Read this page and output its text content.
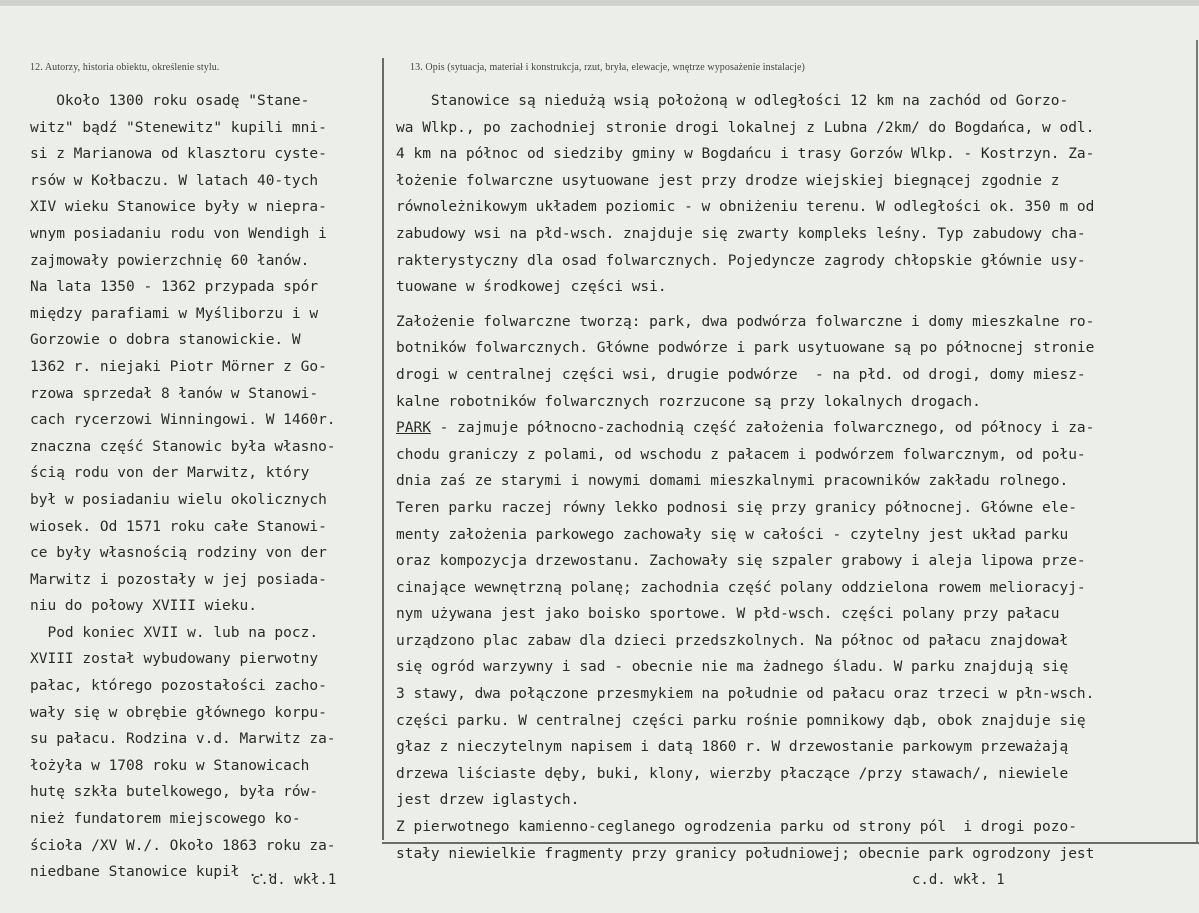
12. Autorzy, historia obiektu, określenie stylu.	13. Opis (sytuacja, materiał i konstrukcja, rzut, bryła, elewacje, wnętrze wyposażenie instalacje)
Około 1300 roku osadę "Stane-
witz" bądź "Stenewitz" kupili mni-
si z Marianowa od klasztoru cyste-
rsów w Kołbaczu. W latach 40-tych
XIV wieku Stanowice były w niepra-
wnym posiadaniu rodu von Wendigh i
zajmowały powierzchnię 60 łanów.
Na lata 1350 - 1362 przypada spór
między parafiami w Myśliborzu i w
Gorzowie o dobra stanowickie. W
1362 r. niejaki Piotr Mörner z Go-
rzowa sprzedał 8 łanów w Stanowi-
cach rycerzowi Winningowi. W 1460r.
znaczna część Stanowic była własno-
ścią rodu von der Marwitz, który
był w posiadaniu wielu okolicznych
wiosek. Od 1571 roku całe Stanowi-
ce były własnością rodziny von der
Marwitz i pozostały w jej posiada-
niu do połowy XVIII wieku.
Pod koniec XVII w. lub na pocz.
XVIII został wybudowany pierwotny
pałac, którego pozostałości zacho-
wały się w obrębie głównego korpu-
su pałacu. Rodzina v.d. Marwitz za-
łożyła w 1708 roku w Stanowicach
hutę szkła butelkowego, była rów-
nież fundatorem miejscowego ko-
ścioła /XV W./. Około 1863 roku za-
niedbane Stanowice kupił ...
Stanowice są niedużą wsią położoną w odległości 12 km na zachód od Gorzo-
wa Wlkp., po zachodniej stronie drogi lokalnej z Lubna /2km/ do Bogdańca, w odl.
4 km na północ od siedziby gminy w Bogdańcu i trasy Gorzów Wlkp. - Kostrzyn. Za-
łożenie folwarczne usytuowane jest przy drodze wiejskiej biegnącej zgodnie z
równoleżnikowym układem poziomic - w obniżeniu terenu. W odległości ok. 350 m od
zabudowy wsi na płd-wsch. znajduje się zwarty kompleks leśny. Typ zabudowy cha-
rakterystyczny dla osad folwarcznych. Pojedyncze zagrody chłopskie głównie usy-
tuowane w środkowej części wsi.
Założenie folwarczne tworzą: park, dwa podwórza folwarczne i domy mieszkalne ro-
botników folwarcznych. Główne podwórze i park usytuowane są po północnej stronie
drogi w centralnej części wsi, drugie podwórze  - na płd. od drogi, domy miesz-
kalne robotników folwarcznych rozrzucone są przy lokalnych drogach.
PARK - zajmuje północno-zachodnią część założenia folwarcznego, od północy i za-
chodu graniczy z polami, od wschodu z pałacem i podwórzem folwarcznym, od połu-
dnia zaś ze starymi i nowymi domami mieszkalnymi pracowników zakładu rolnego.
Teren parku raczej równy lekko podnosi się przy granicy północnej. Główne ele-
menty założenia parkowego zachowały się w całości - czytelny jest układ parku
oraz kompozycja drzewostanu. Zachowały się szpaler grabowy i aleja lipowa prze-
cinające wewnętrzną polanę; zachodnia część polany oddzielona rowem melioracyj-
nym używana jest jako boisko sportowe. W płd-wsch. części polany przy pałacu
urządzono plac zabaw dla dzieci przedszkolnych. Na północ od pałacu znajdował
się ogród warzywny i sad - obecnie nie ma żadnego śladu. W parku znajdują się
3 stawy, dwa połączone przesmykiem na południe od pałacu oraz trzeci w płn-wsch.
części parku. W centralnej części parku rośnie pomnikowy dąb, obok znajduje się
głaz z nieczytelnym napisem i datą 1860 r. W drzewostanie parkowym przeważają
drzewa liściaste dęby, buki, klony, wierzby płaczące /przy stawach/, niewiele
jest drzew iglastych.
Z pierwotnego kamienno-ceglanego ogrodzenia parku od strony pól  i drogi pozo-
stały niewielkie fragmenty przy granicy południowej; obecnie park ogrodzony jest
c.d. wkł.1	c.d. wkł. 1
